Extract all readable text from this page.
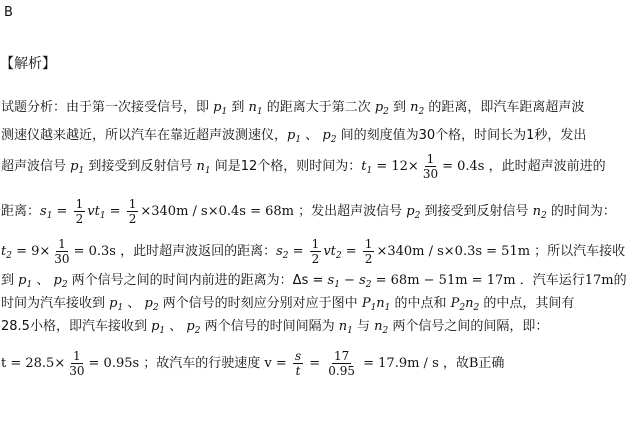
B
【解析】
试题分析：由于第一次接受信号，即 $p_1$ 到 $n_1$ 的距离大于第二次 $p_2$ 到 $n_2$ 的距离，即汽车距离超声波
测速仪越来越近，所以汽车在靠近超声波测速仪，$p_1$ 、 $p_2$ 间的刻度值为30个格，时间长为1秒，发出
超声波信号 $p_1$ 到接受到反射信号 $n_1$ 间是12个格，则时间为：$t_1 = 12\times \frac{1}{30} = 0.4s$ ，此时超声波前进的
距离：$s_1 = \frac{1}{2} vt_1 = \frac{1}{2} \times 340m / s\times 0.4s = 68m$ ；发出超声波信号 $p_2$ 到接受到反射信号 $n_2$ 的时间为：
$t_2 = 9\times \frac{1}{30} = 0.3s$ ，此时超声波返回的距离：$s_2 = \frac{1}{2} vt_2 = \frac{1}{2} \times 340m / s\times 0.3s = 51m$ ；所以汽车接收
到 $p_1$ 、 $p_2$ 两个信号之间的时间内前进的距离为：$\Delta s = s_1 - s_2 = 68m - 51m = 17m$ ．汽车运行17m的
时间为汽车接收到 $p_1$ 、 $p_2$ 两个信号的时刻应分别对应于图中 $P_1n_1$ 的中点和 $P_2n_2$ 的中点，其间有
28.5小格，即汽车接收到 $p_1$ 、 $p_2$ 两个信号的时间间隔为 $n_1$ 与 $n_2$ 两个信号之间的间隔，即：
$t = 28.5\times \frac{1}{30} = 0.95s$ ；故汽车的行驶速度 $v = \frac{s}{t} = \frac{17}{0.95} = 17.9m / s$ ，故B正确
